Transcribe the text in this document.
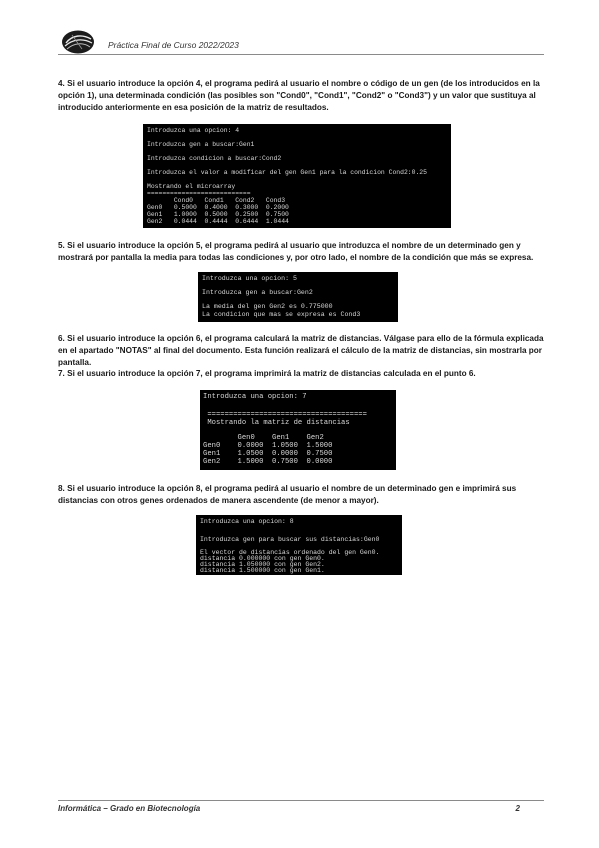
Práctica Final de Curso 2022/2023
4. Si el usuario introduce la opción 4, el programa pedirá al usuario el nombre o código de un gen (de los introducidos en la opción 1), una determinada condición (las posibles son "Cond0", "Cond1", "Cond2" o "Cond3") y un valor que sustituya al introducido anteriormente en esa posición de la matriz de resultados.
Introduzca una opcion: 4
Introduzca gen a buscar:Gen1
Introduzca condicion a buscar:Cond2
Introduzca el valor a modificar del gen Gen1 para la condicion Cond2:0.25
Mostrando el microarray
===========================
Cond0   Cond1   Cond2   Cond3
Gen0   0.5000  0.4000  0.3000  0.2000
Gen1   1.0000  0.5000  0.2500  0.7500
Gen2   0.0444  0.4444  0.6444  1.0444
5. Si el usuario introduce la opción 5, el programa pedirá al usuario que introduzca el nombre de un determinado gen y mostrará por pantalla la media para todas las condiciones y, por otro lado, el nombre de la condición que más se expresa.
Introduzca una opcion: 5
Introduzca gen a buscar:Gen2
La media del gen Gen2 es 0.775000
La condicion que mas se expresa es Cond3
6. Si el usuario introduce la opción 6, el programa calculará la matriz de distancias. Válgase para ello de la fórmula explicada en el apartado "NOTAS" al final del documento. Esta función realizará el cálculo de la matriz de distancias, sin mostrarla por pantalla.
7. Si el usuario introduce la opción 7, el programa imprimirá la matriz de distancias calculada en el punto 6.
Introduzca una opcion: 7
=====================================
Mostrando la matriz de distancias
Gen0    Gen1    Gen2
Gen0    0.0000  1.0500  1.5000
Gen1    1.0500  0.0000  0.7500
Gen2    1.5000  0.7500  0.0000
8. Si el usuario introduce la opción 8, el programa pedirá al usuario el nombre de un determinado gen e imprimirá sus distancias con otros genes ordenados de manera ascendente (de menor a mayor).
Introduzca una opcion: 8
Introduzca gen para buscar sus distancias:Gen0
El vector de distancias ordenado del gen Gen0.
distancia 0.000000 con gen Gen0.
distancia 1.050000 con gen Gen2.
distancia 1.500000 con gen Gen1.
Informática – Grado en Biotecnología	2
